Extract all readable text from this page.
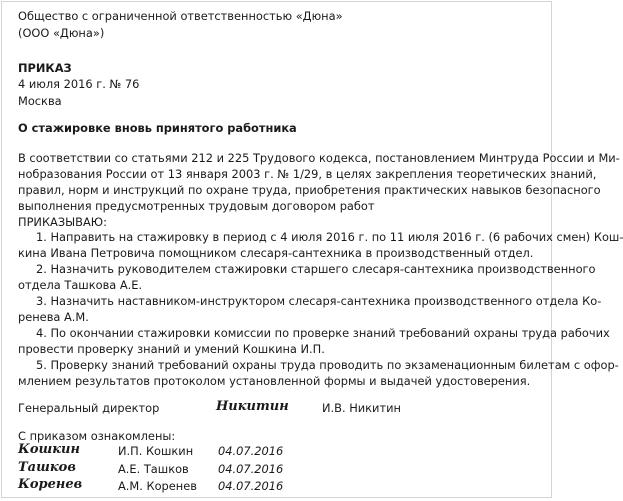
Общество с ограниченной ответственностью «Дюна»
(ООО «Дюна»)
ПРИКАЗ
4 июля 2016 г. № 76
Москва
О стажировке вновь принятого работника
В соответствии со статьями 212 и 225 Трудового кодекса, постановлением Минтруда России и Ми-
нобразования России от 13 января 2003 г. № 1/29, в целях закрепления теоретических знаний,
правил, норм и инструкций по охране труда, приобретения практических навыков безопасного
выполнения предусмотренных трудовым договором работ
ПРИКАЗЫВАЮ:
1. Направить на стажировку в период с 4 июля 2016 г. по 11 июля 2016 г. (6 рабочих смен) Кош-
кина Ивана Петровича помощником слесаря-сантехника в производственный отдел.
2. Назначить руководителем стажировки старшего слесаря-сантехника производственного
отдела Ташкова А.Е.
3. Назначить наставником-инструктором слесаря-сантехника производственного отдела Ко-
ренева А.М.
4. По окончании стажировки комиссии по проверке знаний требований охраны труда рабочих
провести проверку знаний и умений Кошкина И.П.
5. Проверку знаний требований охраны труда проводить по экзаменационным билетам с офор-
млением результатов протоколом установленной формы и выдачей удостоверения.
Генеральный директор	Никитин	И.В. Никитин
С приказом ознакомлены:
Кошкин	И.П. Кошкин 04.07.2016
Ташков	А.Е. Ташков	04.07.2016
Коренев	А.М. Коренев 04.07.2016
